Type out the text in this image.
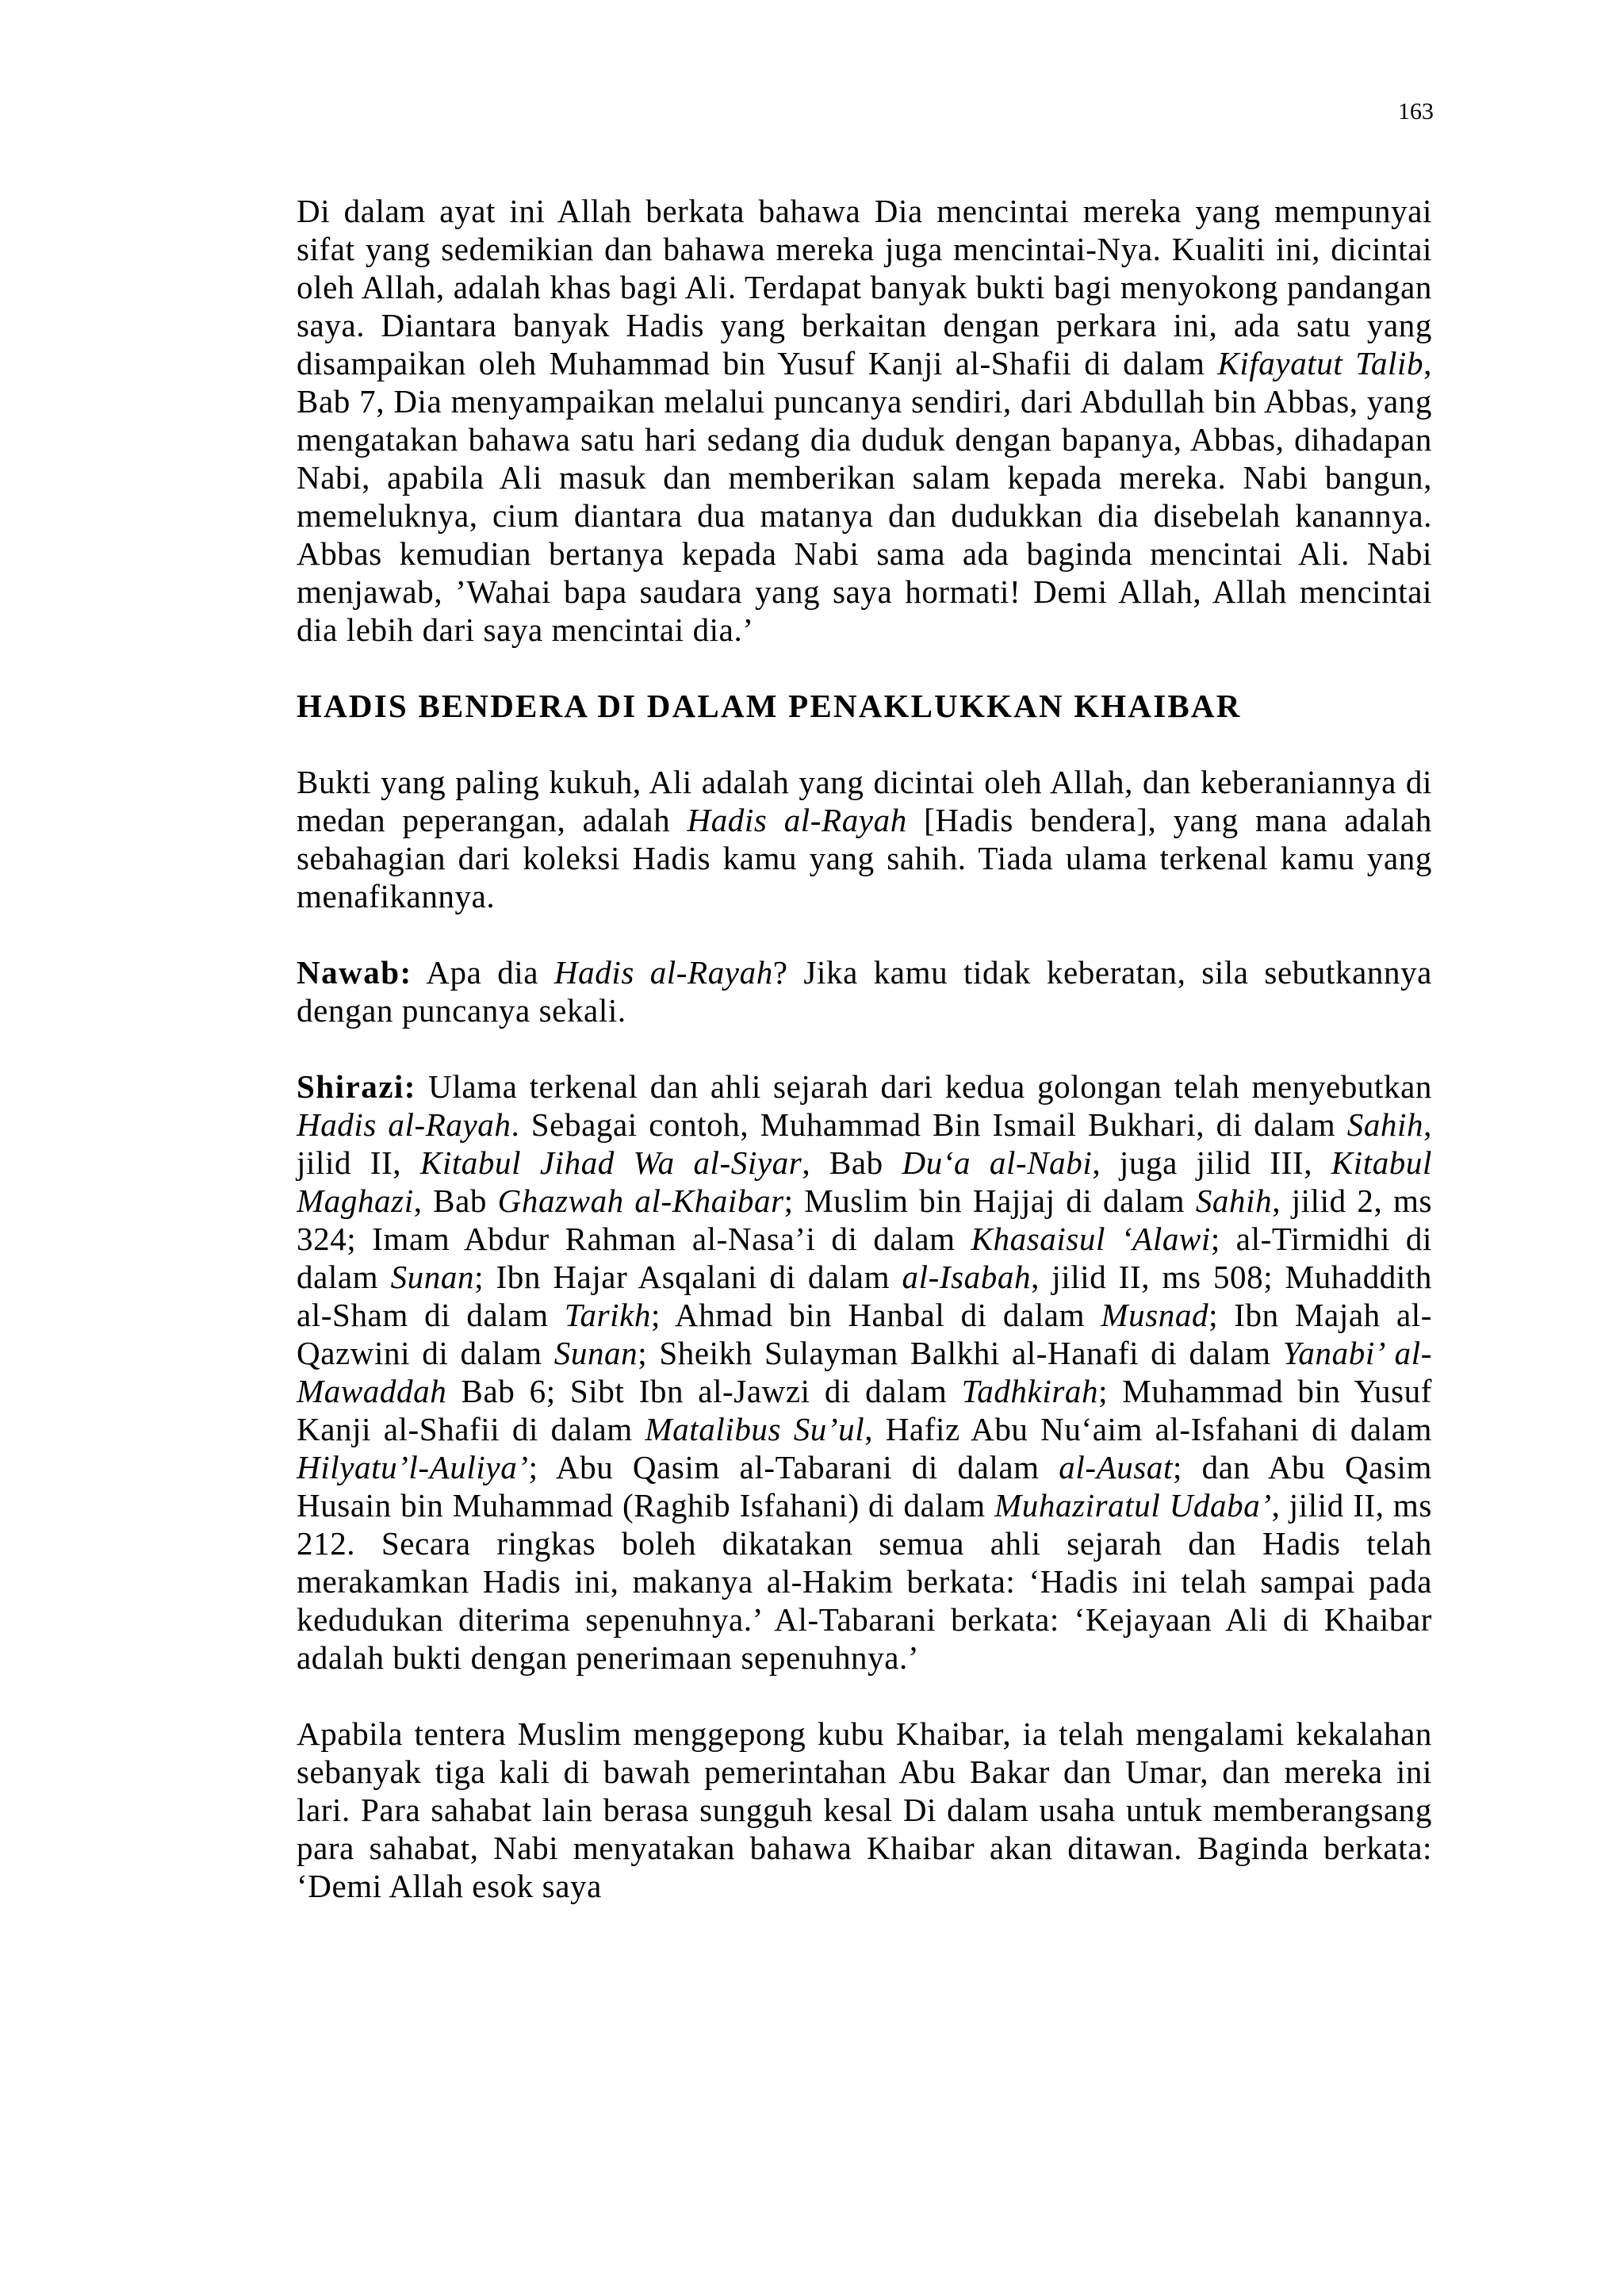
163

Di dalam ayat ini Allah berkata bahawa Dia mencintai mereka yang mempunyai sifat yang sedemikian dan bahawa mereka juga mencintai-Nya. Kualiti ini, dicintai oleh Allah, adalah khas bagi Ali. Terdapat banyak bukti bagi menyokong pandangan saya. Diantara banyak Hadis yang berkaitan dengan perkara ini, ada satu yang disampaikan oleh Muhammad bin Yusuf Kanji al-Shafii di dalam Kifayatut Talib, Bab 7, Dia menyampaikan melalui puncanya sendiri, dari Abdullah bin Abbas, yang mengatakan bahawa satu hari sedang dia duduk dengan bapanya, Abbas, dihadapan Nabi, apabila Ali masuk dan memberikan salam kepada mereka. Nabi bangun, memeluknya, cium diantara dua matanya dan dudukkan dia disebelah kanannya. Abbas kemudian bertanya kepada Nabi sama ada baginda mencintai Ali. Nabi menjawab, ’Wahai bapa saudara yang saya hormati! Demi Allah, Allah mencintai dia lebih dari saya mencintai dia.’

HADIS BENDERA DI DALAM PENAKLUKKAN KHAIBAR

Bukti yang paling kukuh, Ali adalah yang dicintai oleh Allah, dan keberaniannya di medan peperangan, adalah Hadis al-Rayah [Hadis bendera], yang mana adalah sebahagian dari koleksi Hadis kamu yang sahih. Tiada ulama terkenal kamu yang menafikannya.

Nawab: Apa dia Hadis al-Rayah? Jika kamu tidak keberatan, sila sebutkannya dengan puncanya sekali.

Shirazi: Ulama terkenal dan ahli sejarah dari kedua golongan telah menyebutkan Hadis al-Rayah. Sebagai contoh, Muhammad Bin Ismail Bukhari, di dalam Sahih, jilid II, Kitabul Jihad Wa al-Siyar, Bab Du‘a al-Nabi, juga jilid III, Kitabul Maghazi, Bab Ghazwah al-Khaibar; Muslim bin Hajjaj di dalam Sahih, jilid 2, ms 324; Imam Abdur Rahman al-Nasa’i di dalam Khasaisul ‘Alawi; al-Tirmidhi di dalam Sunan; Ibn Hajar Asqalani di dalam al-Isabah, jilid II, ms 508; Muhaddith al-Sham di dalam Tarikh; Ahmad bin Hanbal di dalam Musnad; Ibn Majah al-Qazwini di dalam Sunan; Sheikh Sulayman Balkhi al-Hanafi di dalam Yanabi’ al-Mawaddah Bab 6; Sibt Ibn al-Jawzi di dalam Tadhkirah; Muhammad bin Yusuf Kanji al-Shafii di dalam Matalibus Su’ul, Hafiz Abu Nu‘aim al-Isfahani di dalam Hilyatu’l-Auliya’; Abu Qasim al-Tabarani di dalam al-Ausat; dan Abu Qasim Husain bin Muhammad (Raghib Isfahani) di dalam Muhaziratul Udaba’, jilid II, ms 212. Secara ringkas boleh dikatakan semua ahli sejarah dan Hadis telah merakamkan Hadis ini, makanya al-Hakim berkata: ‘Hadis ini telah sampai pada kedudukan diterima sepenuhnya.’ Al-Tabarani berkata: ‘Kejayaan Ali di Khaibar adalah bukti dengan penerimaan sepenuhnya.’

Apabila tentera Muslim menggepong kubu Khaibar, ia telah mengalami kekalahan sebanyak tiga kali di bawah pemerintahan Abu Bakar dan Umar, dan mereka ini lari. Para sahabat lain berasa sungguh kesal Di dalam usaha untuk memberangsang para sahabat, Nabi menyatakan bahawa Khaibar akan ditawan. Baginda berkata: ‘Demi Allah esok saya
